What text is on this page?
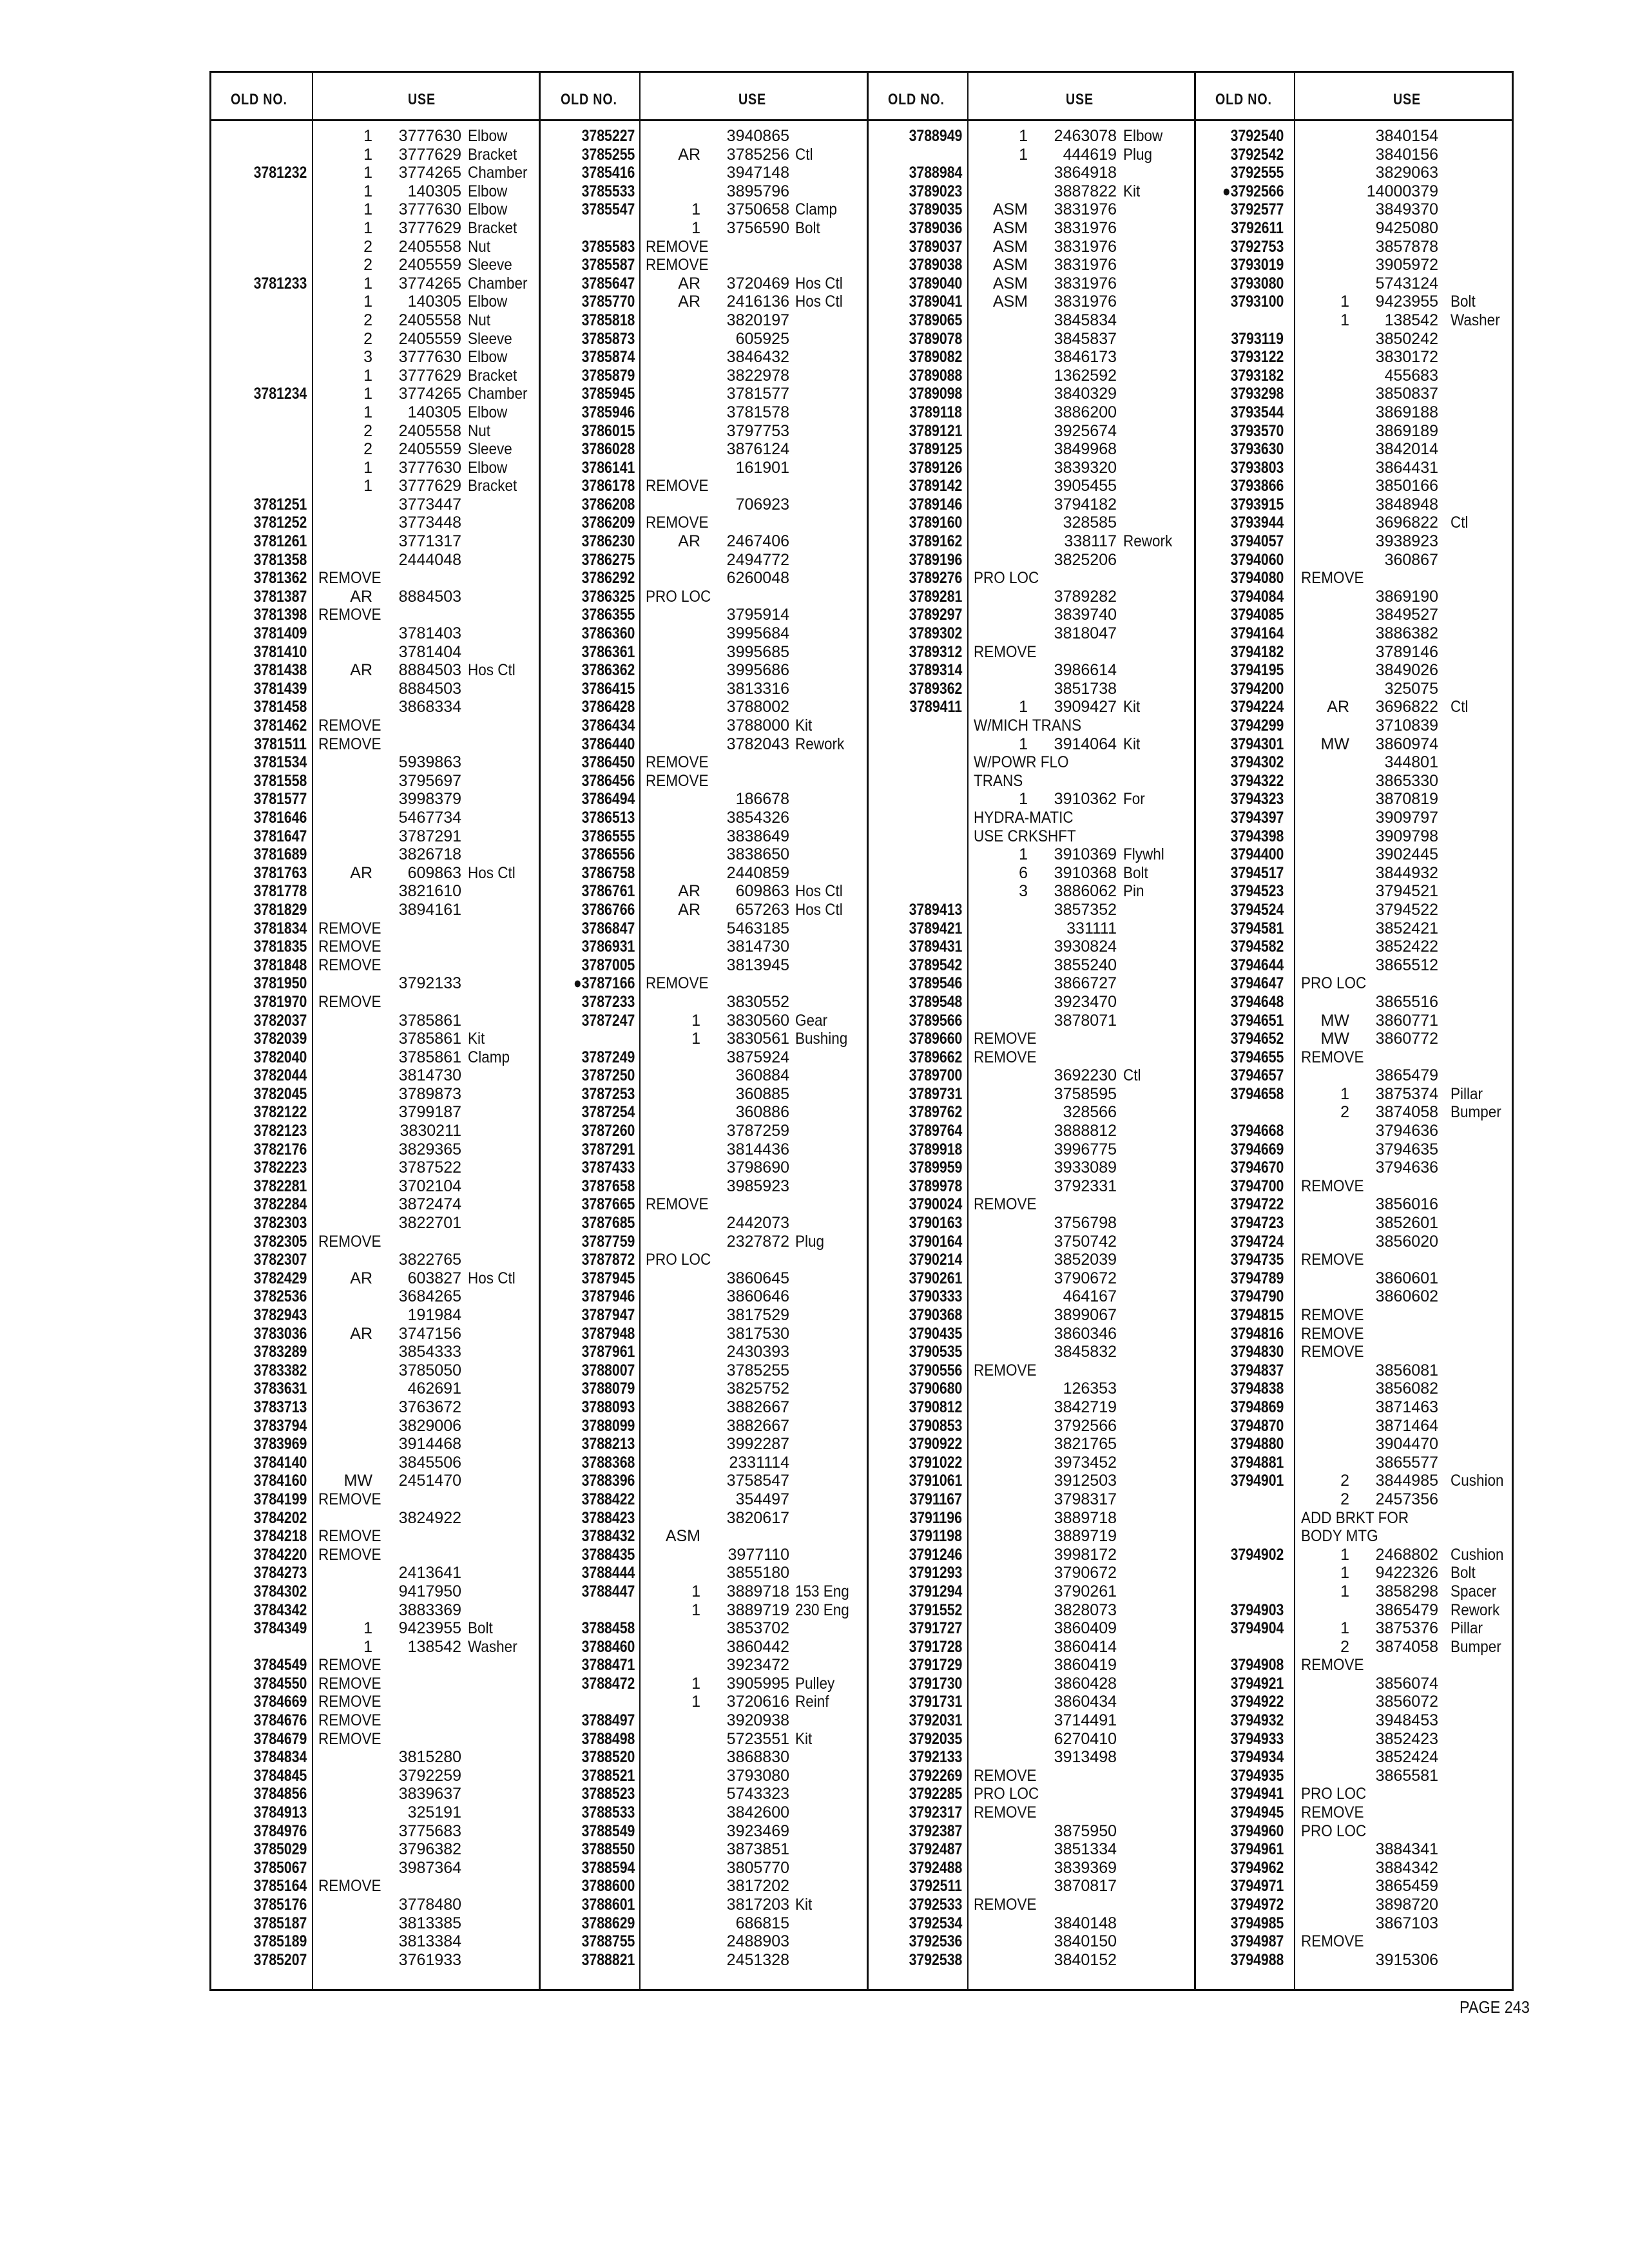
OLD NO.	USE	OLD NO.	USE	OLD NO.	USE	OLD NO.	USE
1 3777630 Elbow
1 3777629 Bracket
3781232	1 3774265 Chamber
1 140305 Elbow
1 3777630 Elbow
1 3777629 Bracket
2 2405558 Nut
2 2405559 Sleeve
3781233	1 3774265 Chamber
1 140305 Elbow
2 2405558 Nut
2 2405559 Sleeve
3 3777630 Elbow
1 3777629 Bracket
3781234	1 3774265 Chamber
1 140305 Elbow
2 2405558 Nut
2 2405559 Sleeve
1 3777630 Elbow
1 3777629 Bracket
3781251	3773447
3781252	3773448
3781261	3771317
3781358	2444048
3781362 REMOVE
3781387	AR 8884503
3781398 REMOVE
3781409	3781403
3781410	3781404
3781438	AR 8884503 Hos Ctl
3781439	8884503
3781458	3868334
3781462 REMOVE
3781511 REMOVE
3781534	5939863
3781558	3795697
3781577	3998379
3781646	5467734
3781647	3787291
3781689	3826718
3781763	AR 609863 Hos Ctl
3781778	3821610
3781829	3894161
3781834 REMOVE
3781835 REMOVE
3781848 REMOVE
3781950	3792133
3781970 REMOVE
3782037	3785861
3782039	3785861 Kit
3782040	3785861 Clamp
3782044	3814730
3782045	3789873
3782122	3799187
3782123	3830211
3782176	3829365
3782223	3787522
3782281	3702104
3782284	3872474
3782303	3822701
3782305 REMOVE
3782307	3822765
3782429	AR 603827 Hos Ctl
3782536	3684265
3782943	191984
3783036	AR 3747156
3783289	3854333
3783382	3785050
3783631	462691
3783713	3763672
3783794	3829006
3783969	3914468
3784140	3845506
3784160 MW 2451470
3784199 REMOVE
3784202	3824922
3784218 REMOVE
3784220 REMOVE
3784273	2413641
3784302	9417950
3784342	3883369
3784349	1 9423955 Bolt
1 138542 Washer
3784549 REMOVE
3784550 REMOVE
3784669 REMOVE
3784676 REMOVE
3784679 REMOVE
3784834	3815280
3784845	3792259
3784856	3839637
3784913	325191
3784976	3775683
3785029	3796382
3785067	3987364
3785164 REMOVE
3785176	3778480
3785187	3813385
3785189	3813384
3785207	3761933
3785227	3940865
3785255	AR 3785256 Ctl
3785416	3947148
3785533	3895796
3785547	1 3750658 Clamp
1 3756590 Bolt
3785583 REMOVE
3785587 REMOVE
3785647	AR 3720469 Hos Ctl
3785770	AR 2416136 Hos Ctl
3785818	3820197
3785873	605925
3785874	3846432
3785879	3822978
3785945	3781577
3785946	3781578
3786015	3797753
3786028	3876124
3786141	161901
3786178 REMOVE
3786208	706923
3786209 REMOVE
3786230	AR 2467406
3786275	2494772
3786292	6260048
3786325 PRO LOC
3786355	3795914
3786360	3995684
3786361	3995685
3786362	3995686
3786415	3813316
3786428	3788002
3786434	3788000 Kit
3786440	3782043 Rework
3786450 REMOVE
3786456 REMOVE
3786494	186678
3786513	3854326
3786555	3838649
3786556	3838650
3786758	2440859
3786761	AR 609863 Hos Ctl
3786766	AR 657263 Hos Ctl
3786847	5463185
3786931	3814730
3787005	3813945
●3787166 REMOVE
3787233	3830552
3787247	1 3830560 Gear
1 3830561 Bushing
3787249	3875924
3787250	360884
3787253	360885
3787254	360886
3787260	3787259
3787291	3814436
3787433	3798690
3787658	3985923
3787665 REMOVE
3787685	2442073
3787759	2327872 Plug
3787872 PRO LOC
3787945	3860645
3787946	3860646
3787947	3817529
3787948	3817530
3787961	2430393
3788007	3785255
3788079	3825752
3788093	3882667
3788099	3882667
3788213	3992287
3788368	2331114
3788396	3758547
3788422	354497
3788423	3820617
3788432 ASM
3788435	3977110
3788444	3855180
3788447	1 3889718 153 Eng
1 3889719 230 Eng
3788458	3853702
3788460	3860442
3788471	3923472
3788472	1 3905995 Pulley
1 3720616 Reinf
3788497	3920938
3788498	5723551 Kit
3788520	3868830
3788521	3793080
3788523	5743323
3788533	3842600
3788549	3923469
3788550	3873851
3788594	3805770
3788600	3817202
3788601	3817203 Kit
3788629	686815
3788755	2488903
3788821	2451328
3788949	1 2463078 Elbow
1 444619 Plug
3788984	3864918
3789023	3887822 Kit
3789035 ASM 3831976
3789036 ASM 3831976
3789037 ASM 3831976
3789038 ASM 3831976
3789040 ASM 3831976
3789041 ASM 3831976
3789065	3845834
3789078	3845837
3789082	3846173
3789088	1362592
3789098	3840329
3789118	3886200
3789121	3925674
3789125	3849968
3789126	3839320
3789142	3905455
3789146	3794182
3789160	328585
3789162	338117 Rework
3789196	3825206
3789276 PRO LOC
3789281	3789282
3789297	3839740
3789302	3818047
3789312 REMOVE
3789314	3986614
3789362	3851738
3789411	1 3909427 Kit
W/MICH TRANS
1 3914064 Kit
W/POWR FLO
TRANS
1 3910362 For
HYDRA-MATIC
USE CRKSHFT
1 3910369 Flywhl
6 3910368 Bolt
3 3886062 Pin
3789413	3857352
3789421	331111
3789431	3930824
3789542	3855240
3789546	3866727
3789548	3923470
3789566	3878071
3789660 REMOVE
3789662 REMOVE
3789700	3692230 Ctl
3789731	3758595
3789762	328566
3789764	3888812
3789918	3996775
3789959	3933089
3789978	3792331
3790024 REMOVE
3790163	3756798
3790164	3750742
3790214	3852039
3790261	3790672
3790333	464167
3790368	3899067
3790435	3860346
3790535	3845832
3790556 REMOVE
3790680	126353
3790812	3842719
3790853	3792566
3790922	3821765
3791022	3973452
3791061	3912503
3791167	3798317
3791196	3889718
3791198	3889719
3791246	3998172
3791293	3790672
3791294	3790261
3791552	3828073
3791727	3860409
3791728	3860414
3791729	3860419
3791730	3860428
3791731	3860434
3792031	3714491
3792035	6270410
3792133	3913498
3792269 REMOVE
3792285 PRO LOC
3792317 REMOVE
3792387	3875950
3792487	3851334
3792488	3839369
3792511	3870817
3792533 REMOVE
3792534	3840148
3792536	3840150
3792538	3840152
3792540	3840154
3792542	3840156
3792555	3829063
●3792566	14000379
3792577	3849370
3792611	9425080
3792753	3857878
3793019	3905972
3793080	5743124
3793100	1 9423955 Bolt
1 138542 Washer
3793119	3850242
3793122	3830172
3793182	455683
3793298	3850837
3793544	3869188
3793570	3869189
3793630	3842014
3793803	3864431
3793866	3850166
3793915	3848948
3793944	3696822 Ctl
3794057	3938923
3794060	360867
3794080 REMOVE
3794084	3869190
3794085	3849527
3794164	3886382
3794182	3789146
3794195	3849026
3794200	325075
3794224	AR 3696822 Ctl
3794299	3710839
3794301 MW 3860974
3794302	344801
3794322	3865330
3794323	3870819
3794397	3909797
3794398	3909798
3794400	3902445
3794517	3844932
3794523	3794521
3794524	3794522
3794581	3852421
3794582	3852422
3794644	3865512
3794647 PRO LOC
3794648	3865516
3794651 MW 3860771
3794652 MW 3860772
3794655 REMOVE
3794657	3865479
3794658	1 3875374 Pillar
2 3874058 Bumper
3794668	3794636
3794669	3794635
3794670	3794636
3794700 REMOVE
3794722	3856016
3794723	3852601
3794724	3856020
3794735 REMOVE
3794789	3860601
3794790	3860602
3794815 REMOVE
3794816 REMOVE
3794830 REMOVE
3794837	3856081
3794838	3856082
3794869	3871463
3794870	3871464
3794880	3904470
3794881	3865577
3794901	2 3844985 Cushion
2 2457356
ADD BRKT FOR
BODY MTG
3794902	1 2468802 Cushion
1 9422326 Bolt
1 3858298 Spacer
3794903	3865479 Rework
3794904	1 3875376 Pillar
2 3874058 Bumper
3794908 REMOVE
3794921	3856074
3794922	3856072
3794932	3948453
3794933	3852423
3794934	3852424
3794935	3865581
3794941 PRO LOC
3794945 REMOVE
3794960 PRO LOC
3794961	3884341
3794962	3884342
3794971	3865459
3794972	3898720
3794985	3867103
3794987 REMOVE
3794988	3915306
PAGE 243
